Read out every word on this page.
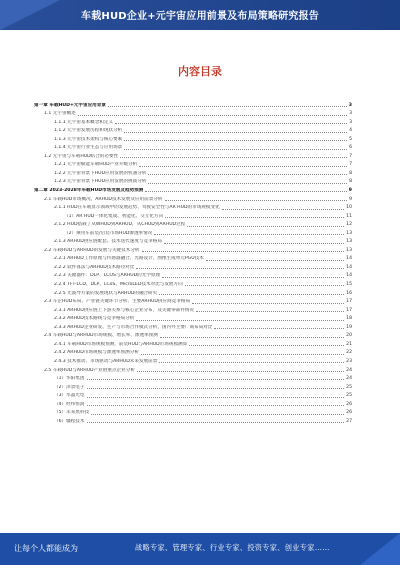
车载HUD企业+元宇宙应用前景及布局策略研究报告
内容目录
第一章 车载HUD+元宇宙应用背景	3
1.1 元宇宙概述	3
1.1.1 元宇宙基本概念和定义	3
1.1.2 元宇宙发展历程和现状分析	4
1.1.3 元宇宙技术架构与核心要素	5
1.1.4 元宇宙行业生态与应用场景	6
1.2 元宇宙与车载HUD结合的必要性	7
1.2.1 元宇宙赋能车载HUD产业升级分析	7
1.2.2 元宇宙背景下HUD应用发展的机遇分析	8
1.2.3 元宇宙背景下HUD应用发展的挑战分析	8
第二章 2023-2028年车载HUD市场发展及趋势预测	9
2.1 车载HUD市场概况、ARHUD技术发展及应用前景分析	9
2.1.1 HUD在车载显示领域中的发展趋势、驾驶安全性与AR HUD的市场规模变化	10
（1）AR HUD一体化集成、智能化、交互化方向	11
2.1.2 HUD搭载了从WHUD到ARHUD，从CHUD到ARHUD过程	12
（2）乘用车前装/后装市场HUD渗透率情况	13
2.1.3 ARHUD供应链配套、技术迭代速度与竞争格局	13
2.2 车载HUD与ARHUD的发展与关键技术分析	13
2.2.1 ARHUD工作原理与传感器融合、光路设计、图像生成单元PGU技术	14
2.2.2 软件算法与ARHUD技术路径对比	14
2.2.3 关键器件：DLP、LCOS与ARHUD的光学原理	14
2.2.4 TFT-LCD、DLP、LCoS、MicroLED技术对比与发展方向	15
2.2.5 光波导方案的发展现状与ARHUD的融合研究	16
2.3 车企HUD布局、产业链关键环节分析、主要ARHUD供应商竞争格局	17
2.3.1 ARHUD供应链上下游关系与核心企业分布，及关键零部件情况	17
2.3.2 ARHUD技术路线与竞争格局分析	18
2.3.3 ARHUD企业研发、生产与市场合作模式分析，国内外主要厂商布局对比	19
2.4 车载HUD与ARHUD市场规模、增长率、渗透率预测	20
2.4.1 车载HUD市场规模预测，前装HUD与ARHUD市场规模测算	21
2.4.2 ARHUD市场规模与渗透率预测分析	22
2.4.3 技术推动、市场驱动与ARHUD未来发展前景	23
2.5 车载HUD与ARHUD产业链重点企业分析	24
（1）华阳集团	24
（2）泽景电子	25
（3）水晶光电	25
（4）经纬恒润	26
（5）未来黑科技	26
（6）疆程技术	27
让每个人都能成为	战略专家、管理专家、行业专家、投资专家、创业专家……
